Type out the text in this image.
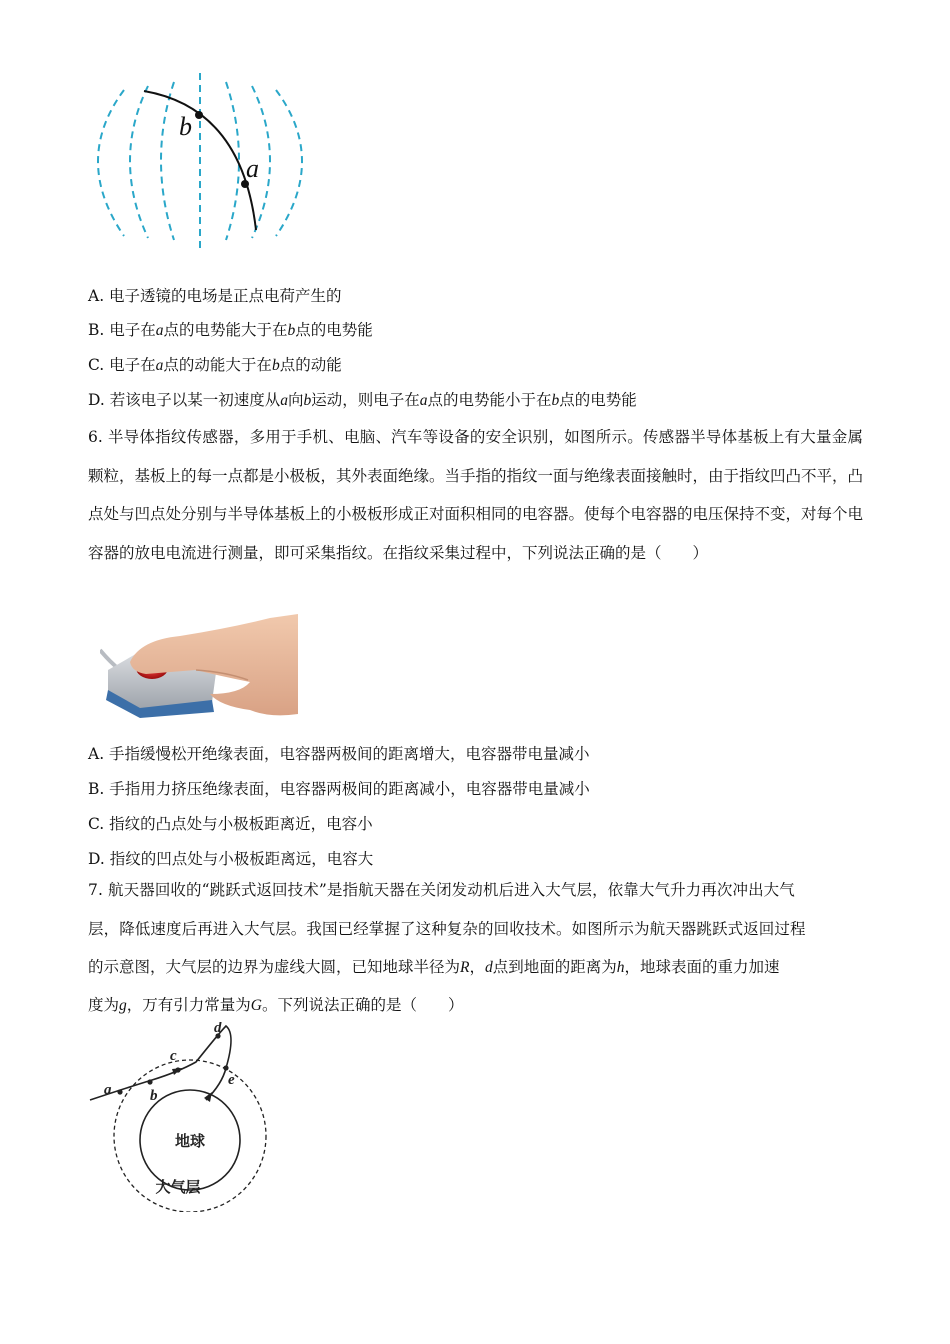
b
a
A. 电子透镜的电场是正点电荷产生的
B. 电子在a点的电势能大于在b点的电势能
C. 电子在a点的动能大于在b点的动能
D. 若该电子以某一初速度从a向b运动，则电子在a点的电势能小于在b点的电势能
6. 半导体指纹传感器，多用于手机、电脑、汽车等设备的安全识别，如图所示。传感器半导体基板上有大量金属颗粒，基板上的每一点都是小极板，其外表面绝缘。当手指的指纹一面与绝缘表面接触时，由于指纹凹凸不平，凸点处与凹点处分别与半导体基板上的小极板形成正对面积相同的电容器。使每个电容器的电压保持不变，对每个电容器的放电电流进行测量，即可采集指纹。在指纹采集过程中，下列说法正确的是（　　）
A. 手指缓慢松开绝缘表面，电容器两极间的距离增大，电容器带电量减小
B. 手指用力挤压绝缘表面，电容器两极间的距离减小，电容器带电量减小
C. 指纹的凸点处与小极板距离近，电容小
D. 指纹的凹点处与小极板距离远，电容大
7. 航天器回收的“跳跃式返回技术”是指航天器在关闭发动机后进入大气层，依靠大气升力再次冲出大气
层，降低速度后再进入大气层。我国已经掌握了这种复杂的回收技术。如图所示为航天器跳跃式返回过程
的示意图，大气层的边界为虚线大圆，已知地球半径为R，d点到地面的距离为h，地球表面的重力加速
度为g，万有引力常量为G。下列说法正确的是（　　）
a	b
c
d
e
地球
大气层
